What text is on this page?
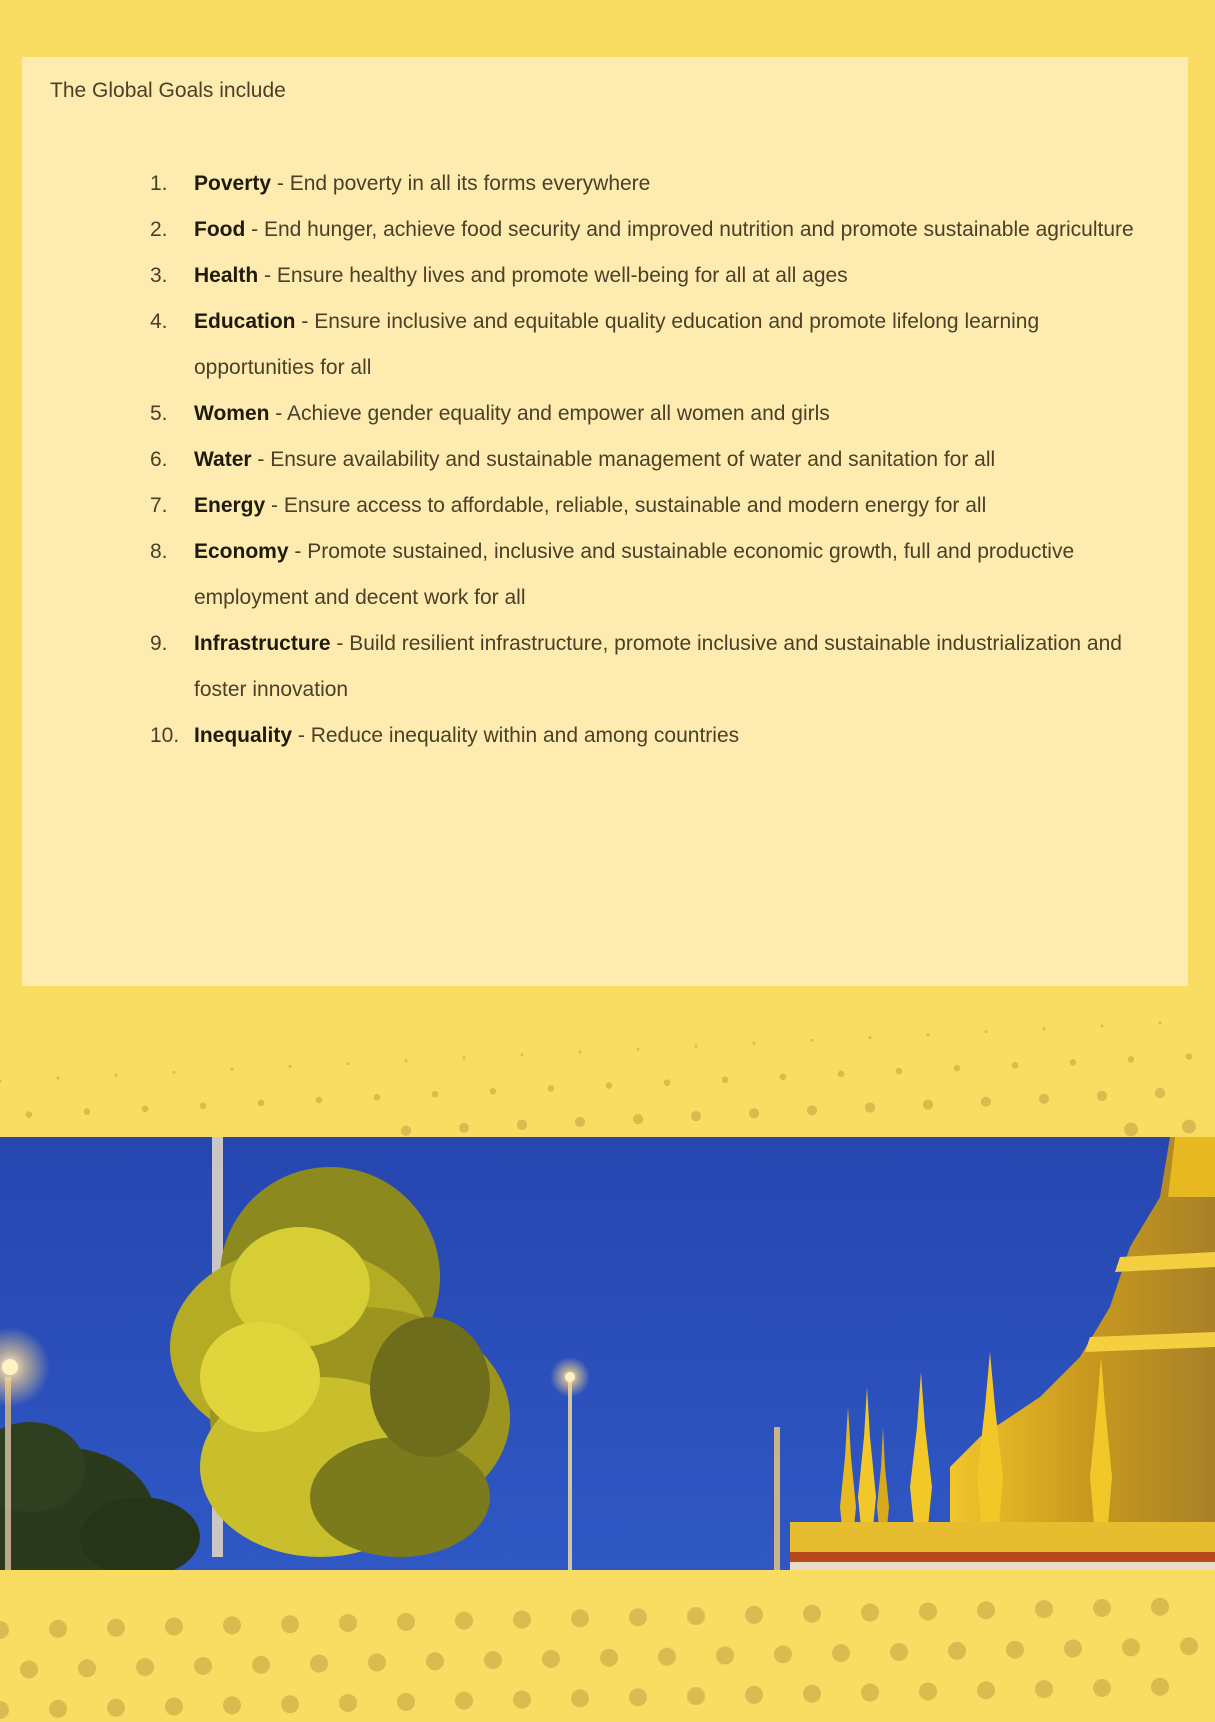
The Global Goals include
1.	Poverty - End poverty in all its forms everywhere
2.	Food - End hunger, achieve food security and improved nutrition and promote sustainable agriculture
3.	Health - Ensure healthy lives and promote well-being for all at all ages
4.	Education - Ensure inclusive and equitable quality education and promote lifelong learning opportunities for all
5.	Women - Achieve gender equality and empower all women and girls
6.	Water - Ensure availability and sustainable management of water and sanitation for all
7.	Energy - Ensure access to affordable, reliable, sustainable and modern energy for all
8.	Economy - Promote sustained, inclusive and sustainable economic growth, full and productive employment and decent work for all
9.	Infrastructure - Build resilient infrastructure, promote inclusive and sustainable industrialization and foster innovation
10. Inequality - Reduce inequality within and among countries
